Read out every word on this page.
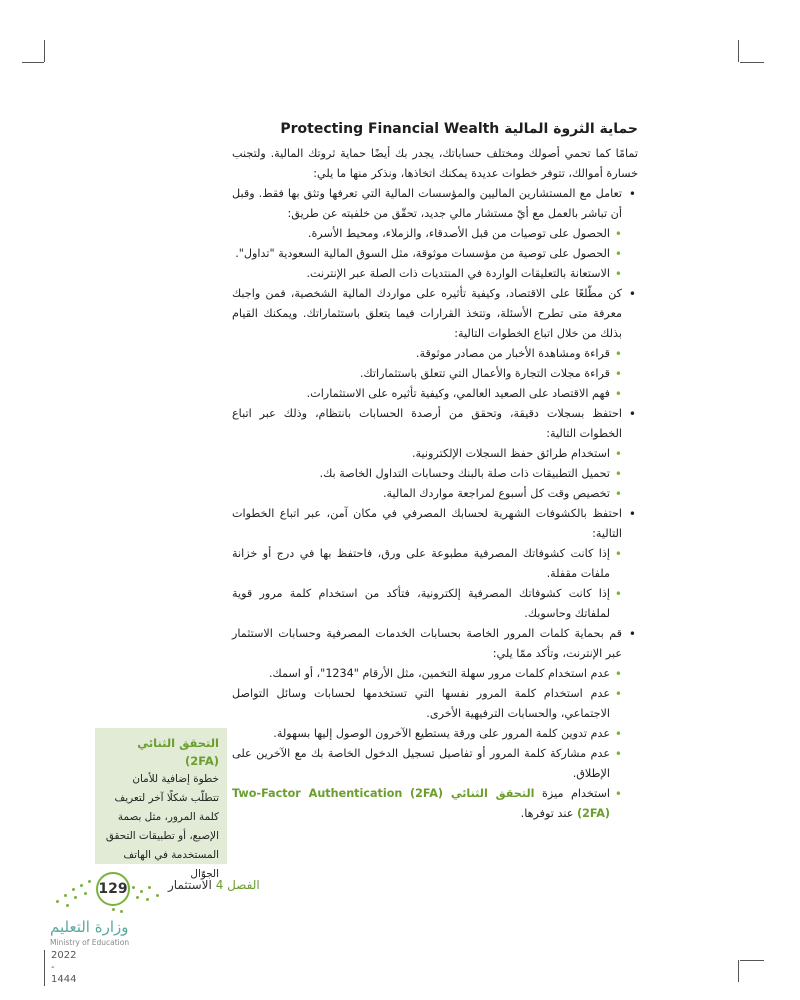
Protecting Financial Wealth حماية الثروة المالية

تمامًا كما تحمي أصولك ومختلف حساباتك، يجدر بك أيضًا حماية ثروتك المالية. ولتجنب خسارة أموالك، تتوفر خطوات عديدة يمكنك اتخاذها، ونذكر منها ما يلي:

• تعامل مع المستشارين الماليين والمؤسسات المالية التي تعرفها وتثق بها فقط. وقبل أن تباشر بالعمل مع أيّ مستشار مالي جديد، تحقّق من خلفيته عن طريق:
• الحصول على توصيات من قبل الأصدقاء، والزملاء، ومحيط الأسرة.
• الحصول على توصية من مؤسسات موثوقة، مثل السوق المالية السعودية "تداول".
• الاستعانة بالتعليقات الواردة في المنتديات ذات الصلة عبر الإنترنت.
• كن مطّلعًا على الاقتصاد، وكيفية تأثيره على مواردك المالية الشخصية، فمن واجبك معرفة متى تطرح الأسئلة، وتتخذ القرارات فيما يتعلق باستثماراتك. ويمكنك القيام بذلك من خلال اتباع الخطوات التالية:
• قراءة ومشاهدة الأخبار من مصادر موثوقة.
• قراءة مجلات التجارة والأعمال التي تتعلق باستثماراتك.
• فهم الاقتصاد على الصعيد العالمي، وكيفية تأثيره على الاستثمارات.
• احتفظ بسجلات دقيقة، وتحقق من أرصدة الحسابات بانتظام، وذلك عبر اتباع الخطوات التالية:
• استخدام طرائق حفظ السجلات الإلكترونية.
• تحميل التطبيقات ذات صلة بالبنك وحسابات التداول الخاصة بك.
• تخصيص وقت كل أسبوع لمراجعة مواردك المالية.
• احتفظ بالكشوفات الشهرية لحسابك المصرفي في مكان آمن، عبر اتباع الخطوات التالية:
• إذا كانت كشوفاتك المصرفية مطبوعة على ورق، فاحتفظ بها في درج أو خزانة ملفات مقفلة.
• إذا كانت كشوفاتك المصرفية إلكترونية، فتأكد من استخدام كلمة مرور قوية لملفاتك وحاسوبك.
• قم بحماية كلمات المرور الخاصة بحسابات الخدمات المصرفية وحسابات الاستثمار عبر الإنترنت، وتأكد ممّا يلي:
• عدم استخدام كلمات مرور سهلة التخمين، مثل الأرقام "1234"، أو اسمك.
• عدم استخدام كلمة المرور نفسها التي تستخدمها لحسابات وسائل التواصل الاجتماعي، والحسابات الترفيهية الأخرى.
• عدم تدوين كلمة المرور على ورقة يستطيع الآخرون الوصول إليها بسهولة.
• عدم مشاركة كلمة المرور أو تفاصيل تسجيل الدخول الخاصة بك مع الآخرين على الإطلاق.
• استخدام ميزة التحقق الثنائي (2FA) Two-Factor Authentication (2FA) عند توفرها.

التحقق الثنائي (2FA)

خطوة إضافية للأمان تتطلّب شكلًا آخر لتعريف كلمة المرور، مثل بصمة الإصبع، أو تطبيقات التحقق المستخدمة في الهاتف الجوّال

129	الفصل 4 الاستثمار
وزارة التعليم
Ministry of Education
2022 - 1444
